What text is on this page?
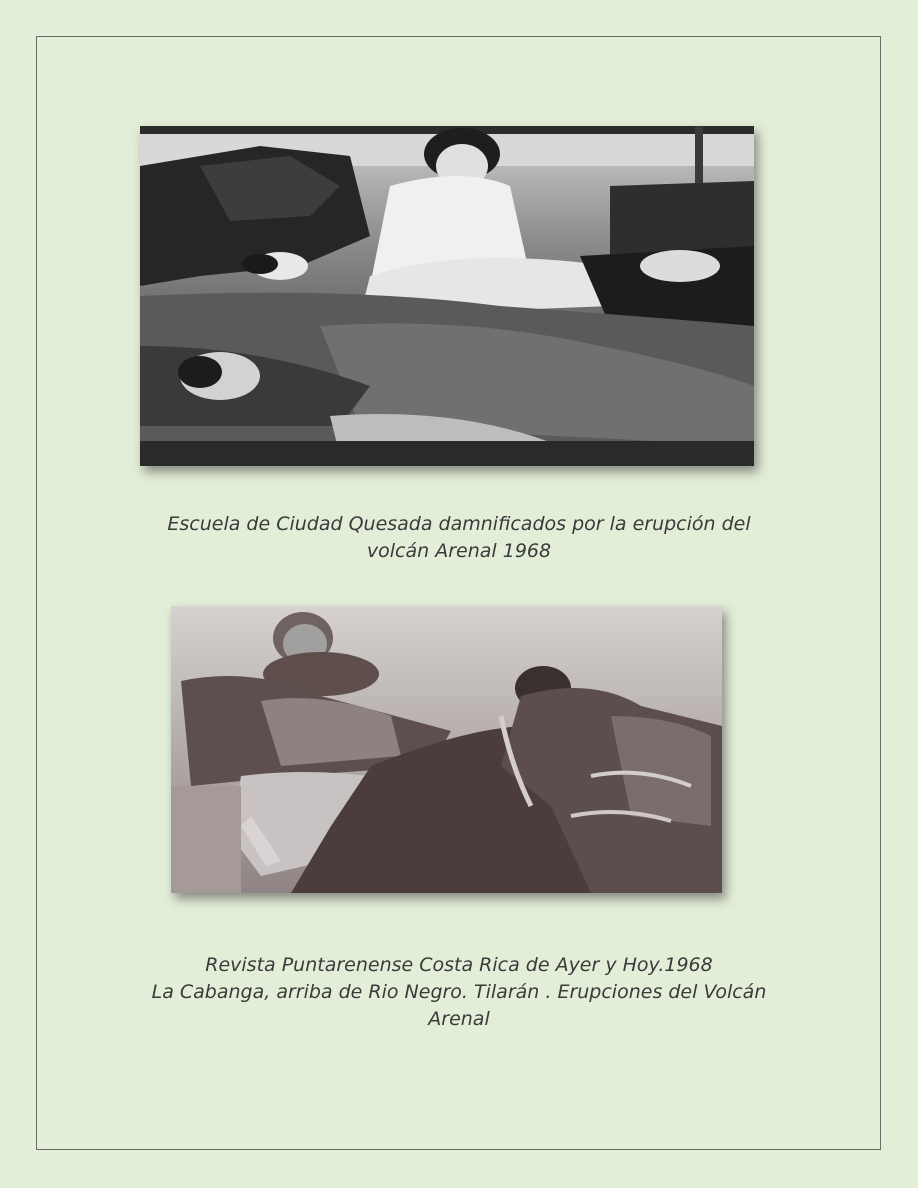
Escuela de Ciudad Quesada damnificados por la erupción del
volcán Arenal 1968
Revista Puntarenense Costa Rica de Ayer y Hoy.1968
La Cabanga, arriba de Rio Negro. Tilarán . Erupciones del Volcán
Arenal
